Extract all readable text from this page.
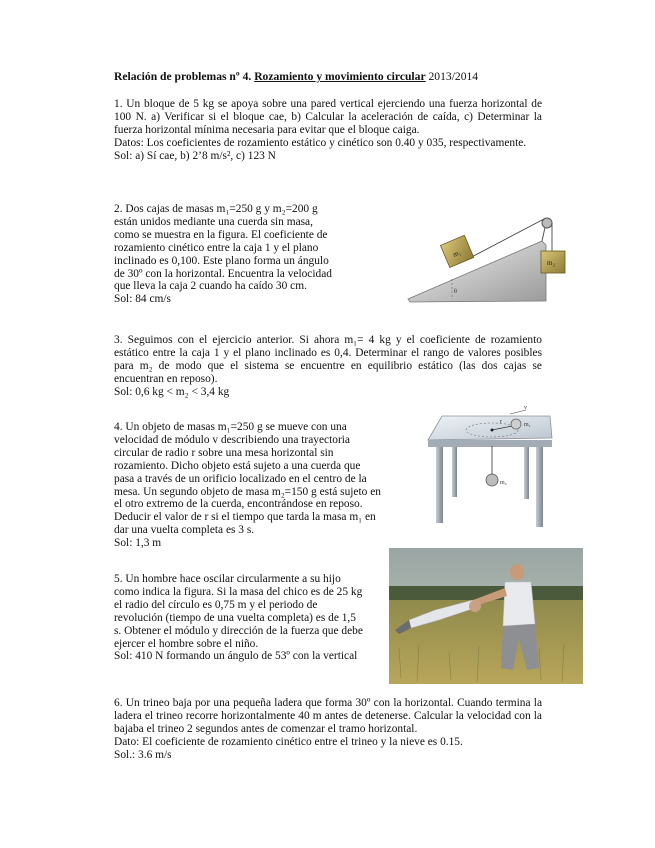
Relación de problemas nº 4. Rozamiento y movimiento circular 2013/2014
1. Un bloque de 5 kg se apoya sobre una pared vertical ejerciendo una fuerza horizontal de 100 N. a) Verificar si el bloque cae, b) Calcular la aceleración de caída, c) Determinar la fuerza horizontal mínima necesaria para evitar que el bloque caiga.
Datos: Los coeficientes de rozamiento estático y cinético son 0.40 y 035, respectivamente.
Sol: a) Sí cae, b) 2’8 m/s², c) 123 N
2. Dos cajas de masas m₁=250 g y m₂=200 g
están unidos mediante una cuerda sin masa,
como se muestra en la figura. El coeficiente de
rozamiento cinético entre la caja 1 y el plano
inclinado es 0,100. Este plano forma un ángulo
de 30º con la horizontal. Encuentra la velocidad
que lleva la caja 2 cuando ha caído 30 cm.
Sol: 84 cm/s
m₁
m₂
θ
3. Seguimos con el ejercicio anterior. Si ahora m₁= 4 kg y el coeficiente de rozamiento estático entre la caja 1 y el plano inclinado es 0,4. Determinar el rango de valores posibles para m₂ de modo que el sistema se encuentre en equilibrio estático (las dos cajas se encuentran en reposo).
Sol: 0,6 kg < m₂ < 3,4 kg
4. Un objeto de masas m₁=250 g se mueve con una
velocidad de módulo v describiendo una trayectoria
circular de radio r sobre una mesa horizontal sin
rozamiento. Dicho objeto está sujeto a una cuerda que
pasa a través de un orificio localizado en el centro de la
mesa. Un segundo objeto de masa m₂=150 g está sujeto en
el otro extremo de la cuerda, encontrándose en reposo.
Deducir el valor de r si el tiempo que tarda la masa m₁ en
dar una vuelta completa es 3 s.
Sol: 1,3 m
v
r	m₁
m₂
5. Un hombre hace oscilar circularmente a su hijo
como indica la figura. Si la masa del chico es de 25 kg
el radio del círculo es 0,75 m y el periodo de
revolución (tiempo de una vuelta completa) es de 1,5
s. Obtener el módulo y dirección de la fuerza que debe
ejercer el hombre sobre el niño.
Sol: 410 N formando un ángulo de 53º con la vertical
6. Un trineo baja por una pequeña ladera que forma 30º con la horizontal. Cuando termina la ladera el trineo recorre horizontalmente 40 m antes de detenerse. Calcular la velocidad con la bajaba el trineo 2 segundos antes de comenzar el tramo horizontal.
Dato: El coeficiente de rozamiento cinético entre el trineo y la nieve es 0.15.
Sol.: 3.6 m/s
